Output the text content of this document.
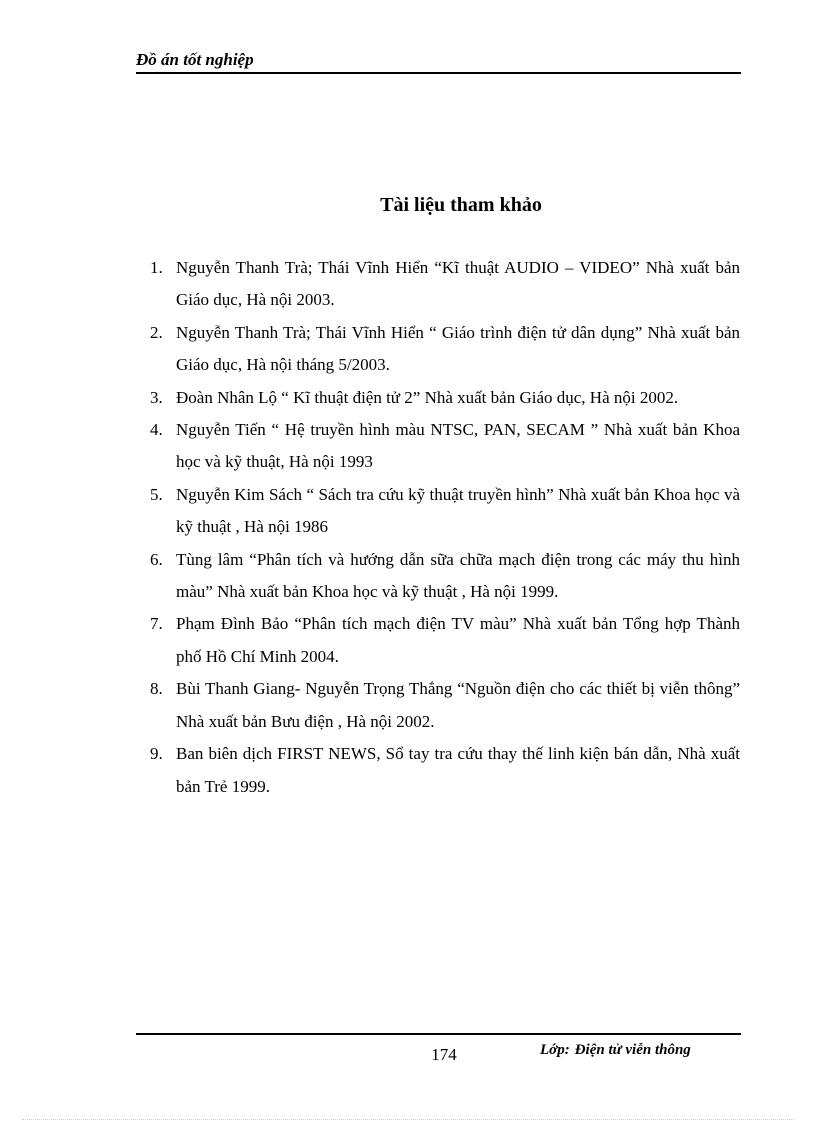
Đồ án tốt nghiệp
Tài liệu tham khảo
1. Nguyễn Thanh Trà; Thái Vĩnh Hiển “Kĩ thuật AUDIO – VIDEO” Nhà xuất bản Giáo dục, Hà nội 2003.
2. Nguyễn Thanh Trà; Thái Vĩnh Hiển “ Giáo trình điện tử dân dụng” Nhà xuất bản Giáo dục, Hà nội tháng 5/2003.
3. Đoàn Nhân Lộ “ Kĩ thuật điện tử 2” Nhà xuất bản Giáo dục, Hà nội 2002.
4. Nguyễn Tiến “ Hệ truyền hình màu NTSC, PAN, SECAM ” Nhà xuất bản Khoa học và kỹ thuật, Hà nội 1993
5. Nguyễn Kim Sách “ Sách tra cứu kỹ thuật truyền hình” Nhà xuất bản Khoa học và kỹ thuật , Hà nội 1986
6. Tùng lâm “Phân tích và hướng dẫn sữa chữa mạch điện trong các máy thu hình màu” Nhà xuất bản Khoa học và kỹ thuật , Hà nội 1999.
7. Phạm Đình Bảo “Phân tích mạch điện TV màu” Nhà xuất bản Tổng hợp Thành phố Hồ Chí Minh 2004.
8. Bùi Thanh Giang- Nguyễn Trọng Thắng “Nguồn điện cho các thiết bị viễn thông” Nhà xuất bản Bưu điện , Hà nội 2002.
9. Ban biên dịch FIRST NEWS, Sổ tay tra cứu thay thế linh kiện bán dẫn, Nhà xuất bản Trẻ 1999.
174	Lớp: Điện tử viễn thông
